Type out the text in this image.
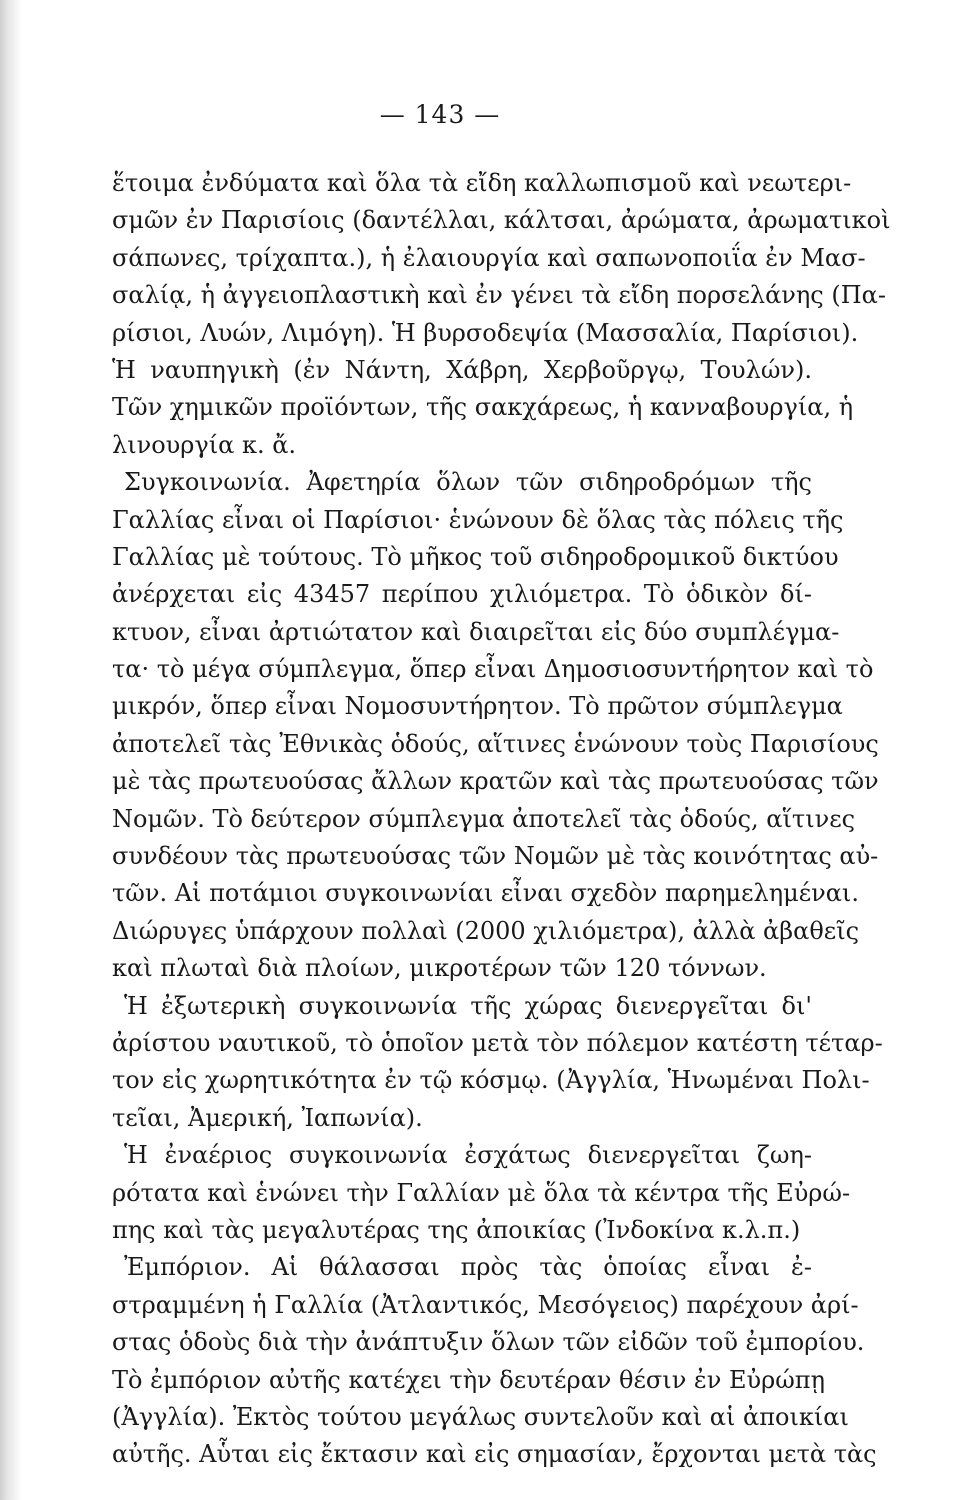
— 143 —
ἕτοιμα ἐνδύματα καὶ ὅλα τὰ εἴδη καλλωπισμοῦ καὶ νεωτερι-
σμῶν ἐν Παρισίοις (δαντέλλαι, κάλτσαι, ἀρώματα, ἀρωματικοὶ
σάπωνες, τρίχαπτα.), ἡ ἐλαιουργία καὶ σαπωνοποιΐα ἐν Μασ-
σαλίᾳ, ἡ ἀγγειοπλαστικὴ καὶ ἐν γένει τὰ εἴδη πορσελάνης (Πα-
ρίσιοι, Λυών, Λιμόγη). Ἡ βυρσοδεψία (Μασσαλία, Παρίσιοι).
Ἡ ναυπηγικὴ (ἐν Νάντη, Χάβρη, Χερβοῦργῳ, Τουλών).
Τῶν χημικῶν προϊόντων, τῆς σακχάρεως, ἡ κανναβουργία, ἡ
λινουργία κ. ἄ.
Συγκοινωνία. Ἀφετηρία ὅλων τῶν σιδηροδρόμων τῆς
Γαλλίας εἶναι οἱ Παρίσιοι· ἑνώνουν δὲ ὅλας τὰς πόλεις τῆς
Γαλλίας μὲ τούτους. Τὸ μῆκος τοῦ σιδηροδρομικοῦ δικτύου
ἀνέρχεται εἰς 43457 περίπου χιλιόμετρα. Τὸ ὁδικὸν δί-
κτυον, εἶναι ἀρτιώτατον καὶ διαιρεῖται εἰς δύο συμπλέγμα-
τα· τὸ μέγα σύμπλεγμα, ὅπερ εἶναι Δημοσιοσυντήρητον καὶ τὸ
μικρόν, ὅπερ εἶναι Νομοσυντήρητον. Τὸ πρῶτον σύμπλεγμα
ἀποτελεῖ τὰς Ἐθνικὰς ὁδούς, αἵτινες ἑνώνουν τοὺς Παρισίους
μὲ τὰς πρωτευούσας ἄλλων κρατῶν καὶ τὰς πρωτευούσας τῶν
Νομῶν. Τὸ δεύτερον σύμπλεγμα ἀποτελεῖ τὰς ὁδούς, αἵτινες
συνδέουν τὰς πρωτευούσας τῶν Νομῶν μὲ τὰς κοινότητας αὐ-
τῶν. Αἱ ποτάμιοι συγκοινωνίαι εἶναι σχεδὸν παρημελημέναι.
Διώρυγες ὑπάρχουν πολλαὶ (2000 χιλιόμετρα), ἀλλὰ ἀβαθεῖς
καὶ πλωταὶ διὰ πλοίων, μικροτέρων τῶν 120 τόννων.
Ἡ ἐξωτερικὴ συγκοινωνία τῆς χώρας διενεργεῖται δι'
ἀρίστου ναυτικοῦ, τὸ ὁποῖον μετὰ τὸν πόλεμον κατέστη τέταρ-
τον εἰς χωρητικότητα ἐν τῷ κόσμῳ. (Ἀγγλία, Ἡνωμέναι Πολι-
τεῖαι, Ἀμερική, Ἰαπωνία).
Ἡ ἐναέριος συγκοινωνία ἐσχάτως διενεργεῖται ζωη-
ρότατα καὶ ἑνώνει τὴν Γαλλίαν μὲ ὅλα τὰ κέντρα τῆς Εὐρώ-
πης καὶ τὰς μεγαλυτέρας της ἀποικίας (Ἰνδοκίνα κ.λ.π.)
Ἐμπόριον. Αἱ θάλασσαι πρὸς τὰς ὁποίας εἶναι ἐ-
στραμμένη ἡ Γαλλία (Ἀτλαντικός, Μεσόγειος) παρέχουν ἀρί-
στας ὁδοὺς διὰ τὴν ἀνάπτυξιν ὅλων τῶν εἰδῶν τοῦ ἐμπορίου.
Τὸ ἐμπόριον αὐτῆς κατέχει τὴν δευτέραν θέσιν ἐν Εὐρώπῃ
(Ἀγγλία). Ἐκτὸς τούτου μεγάλως συντελοῦν καὶ αἱ ἀποικίαι
αὐτῆς. Αὗται εἰς ἔκτασιν καὶ εἰς σημασίαν, ἔρχονται μετὰ τὰς
